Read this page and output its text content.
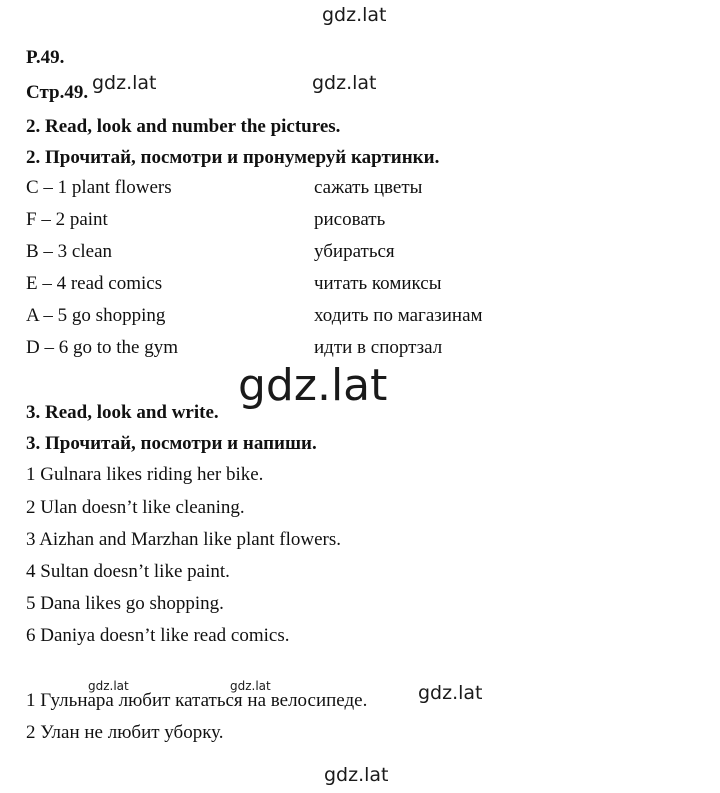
gdz.lat
gdz.lat	gdz.lat
gdz.lat
gdz.lat	gdz.lat	gdz.lat
gdz.lat
P.49.
Стр.49.
2. Read, look and number the pictures.
2. Прочитай, посмотри и пронумеруй картинки.
C – 1 plant flowers	сажать цветы
F – 2 paint	рисовать
B – 3 clean	убираться
E – 4 read comics	читать комиксы
A – 5 go shopping	ходить по магазинам
D – 6 go to the gym	идти в спортзал
3. Read, look and write.
3. Прочитай, посмотри и напиши.
1 Gulnara likes riding her bike.
2 Ulan doesn’t like cleaning.
3 Aizhan and Marzhan like plant flowers.
4 Sultan doesn’t like paint.
5 Dana likes go shopping.
6 Daniya doesn’t like read comics.
1 Гульнара любит кататься на велосипеде.
2 Улан не любит уборку.
